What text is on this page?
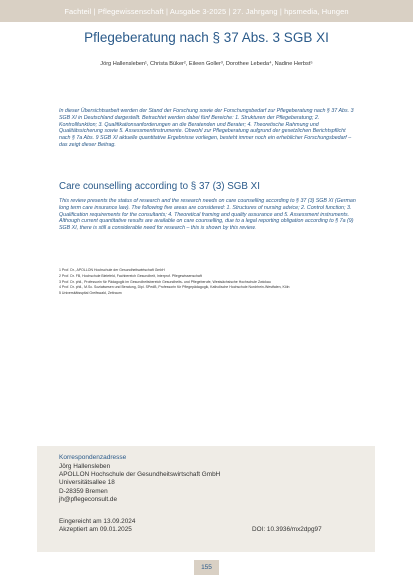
Fachteil | Pflegewissenschaft | Ausgabe 3-2025 | 27. Jahrgang | hpsmedia, Hungen
Pflegeberatung nach § 37 Abs. 3 SGB XI
Jörg Hallensleben¹, Christa Büker², Eileen Goller³, Dorothee Lebeda⁴, Nadine Herbst⁵
In dieser Übersichtsarbeit werden der Stand der Forschung sowie der Forschungsbedarf zur Pflegeberatung nach § 37 Abs. 3 SGB XI in Deutschland dargestellt. Betrachtet werden dabei fünf Bereiche: 1. Strukturen der Pflegeberatung; 2. Kontrollfunktion; 3. Qualifikationsanforderungen an die Beratenden und Berater; 4. Theoretische Rahmung und Qualitätssicherung sowie 5. Assessmentinstrumente. Obwohl zur Pflegeberatung aufgrund der gesetzlichen Berichtspflicht nach § 7a Abs. 9 SGB XI aktuelle quantitative Ergebnisse vorliegen, besteht immer noch ein erheblicher Forschungsbedarf – das zeigt dieser Beitrag.
Care counselling according to § 37 (3) SGB XI
This review presents the status of research and the research needs on care counselling according to § 37 (3) SGB XI (German long term care insurance law). The following five areas are considered: 1. Structures of nursing advice; 2. Control function; 3. Qualification requirements for the consultants; 4. Theoretical framing and quality assurance and 5. Assessment instruments. Although current quantitative results are available on care counselling, due to a legal reporting obligation according to § 7a (9) SGB XI, there is still a considerable need for research – this is shown by this review.
1 Prof. Dr., APOLLON Hochschule der Gesundheitswirtschaft GmbH
2 Prof. Dr. FB, Hochschule Bielefeld, Fachbereich Gesundheit, Interprof. Pflegewissenschaft
3 Prof. Dr. phil., Professorin für Pädagogik im Gesundheitsbereich Gesundheits- und Pflegeberufe, Westsächsische Hochschule Zwickau
4 Prof. Dr. phil., M.Sc. Sozialwesen und Beratung, Dipl. SPedB, Professorin für Pflegepädagogik, Katholische Hochschule Nordrhein-Westfalen, Köln
5 Universitätsspital Greifswald, Zeitraum
Korrespondenzadresse
Jörg Hallensleben
APOLLON Hochschule der Gesundheitswirtschaft GmbH
Universitätsallee 18
D-28359 Bremen
jh@pflegeconsult.de
Eingereicht am 13.09.2024
Akzeptiert am 09.01.2025	DOI: 10.3936/mx2dpg97
155
